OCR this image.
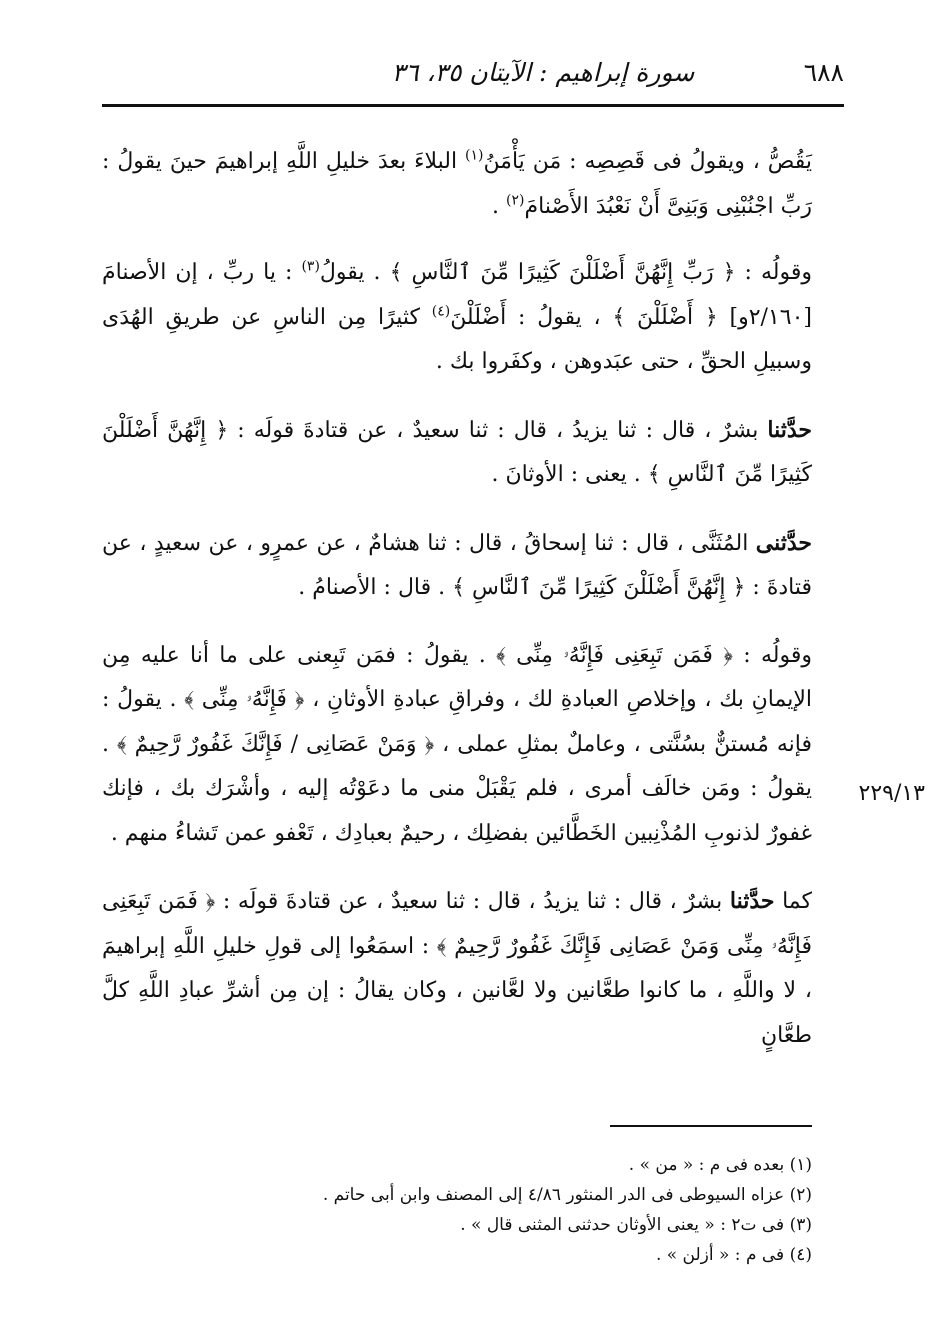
٦٨٨
سورة إبراهيم : الآيتان ٣٥، ٣٦

يَقُصُّ ، ويقولُ فى قَصِصِه : مَن يَأْمَنُ$^{(١)}$ البلاءَ بعدَ خليلِ اللَّهِ إبراهيمَ حينَ يقولُ : رَبِّ اجْنُبْنِى وَبَنِىَّ أَنْ نَعْبُدَ الأَصْنامَ$^{(٢)}$ .

وقولُه : ﴿ رَبِّ إِنَّهُنَّ أَضْلَلْنَ كَثِيرًا مِّنَ ٱلنَّاسِ ﴾ . يقولُ$^{(٣)}$ : يا ربِّ ، إن الأصنامَ [٢/١٦٠و] ﴿ أَضْلَلْنَ ﴾ ، يقولُ : أَضْلَلْنَ$^{(٤)}$ كثيرًا مِن الناسِ عن طريقِ الهُدَى وسبيلِ الحقِّ ، حتى عبَدوهن ، وكفَروا بك .

حدَّثنا بشرٌ ، قال : ثنا يزيدُ ، قال : ثنا سعيدٌ ، عن قتادةَ قولَه : ﴿ إِنَّهُنَّ أَضْلَلْنَ كَثِيرًا مِّنَ ٱلنَّاسِ ﴾ . يعنى : الأوثانَ .

حدَّثنى المُثَنَّى ، قال : ثنا إسحاقُ ، قال : ثنا هشامٌ ، عن عمرٍو ، عن سعيدٍ ، عن قتادةَ : ﴿ إِنَّهُنَّ أَضْلَلْنَ كَثِيرًا مِّنَ ٱلنَّاسِ ﴾ . قال : الأصنامُ .

وقولُه : ﴿ فَمَن تَبِعَنِى فَإِنَّهُۥ مِنِّى ﴾ . يقولُ : فمَن تَبِعنى على ما أنا عليه مِن الإيمانِ بك ، وإخلاصِ العبادةِ لك ، وفراقِ عبادةِ الأوثانِ ، ﴿ فَإِنَّهُۥ مِنِّى ﴾ . يقولُ : فإنه مُستنٌّ بسُنَّتى ، وعاملٌ بمثلِ عملى ، ﴿ وَمَنْ عَصَانِى / فَإِنَّكَ غَفُورٌ رَّحِيمٌ ﴾ . يقولُ : ومَن خالَف أمرى ، فلم يَقْبَلْ منى ما دعَوْتُه إليه ، وأشْرَك بك ، فإنك غفورٌ لذنوبِ المُذْنِبين الخَطَّائين بفضلِك ، رحيمٌ بعبادِك ، تَعْفو عمن تَشاءُ منهم .

كما حدَّثنا بشرٌ ، قال : ثنا يزيدُ ، قال : ثنا سعيدٌ ، عن قتادةَ قولَه : ﴿ فَمَن تَبِعَنِى فَإِنَّهُۥ مِنِّى وَمَنْ عَصَانِى فَإِنَّكَ غَفُورٌ رَّحِيمٌ ﴾ : اسمَعُوا إلى قولِ خليلِ اللَّهِ إبراهيمَ ، لا واللَّهِ ، ما كانوا طعَّانين ولا لعَّانين ، وكان يقالُ : إن مِن أشرِّ عبادِ اللَّهِ كلَّ طعَّانٍ

٢٢٩/١٣

(١) بعده فى م : « من » .

(٢) عزاه السيوطى فى الدر المنثور ٤/٨٦ إلى المصنف وابن أبى حاتم .

(٣) فى ت٢ : « يعنى الأوثان حدثنى المثنى قال » .

(٤) فى م : « أزلن » .
